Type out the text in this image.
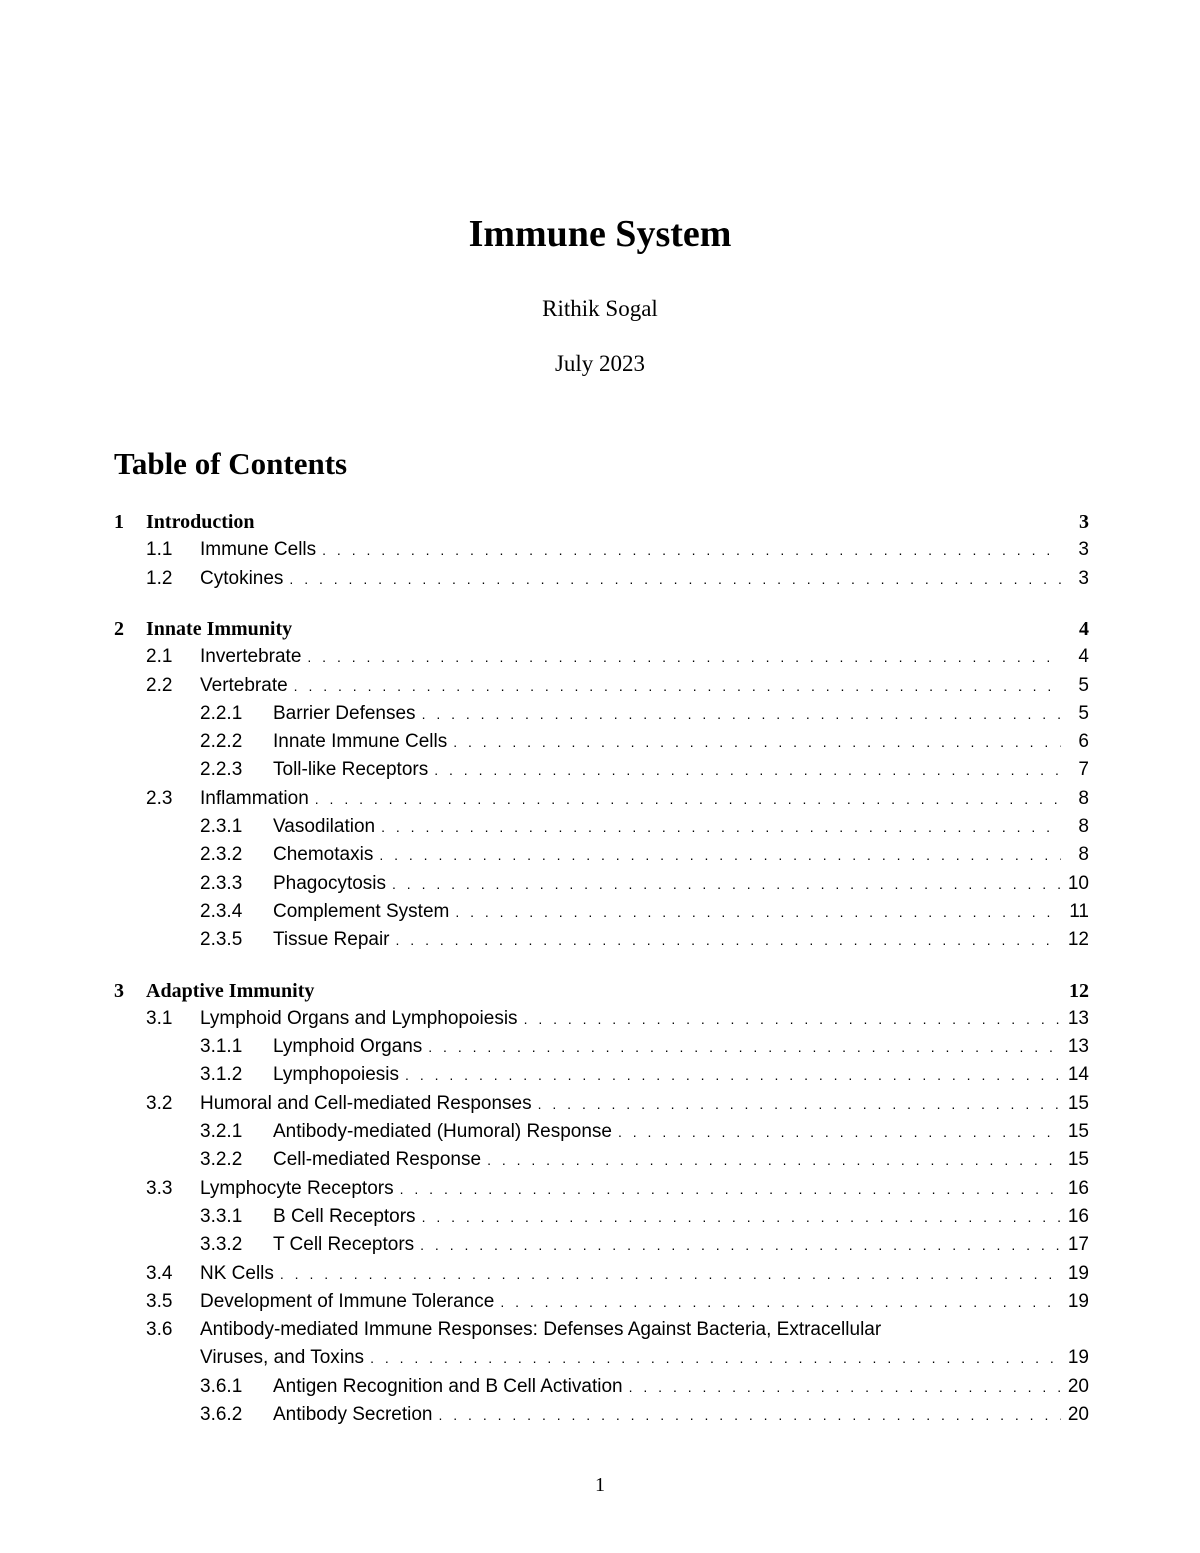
Immune System
Rithik Sogal
July 2023
Table of Contents
1	Introduction	3
1.1	Immune Cells . . .	3
1.2	Cytokines . . .	3
2	Innate Immunity	4
2.1	Invertebrate . . .	4
2.2	Vertebrate . . .	5
2.2.1	Barrier Defenses . . .	5
2.2.2	Innate Immune Cells . . .	6
2.2.3	Toll-like Receptors . . .	7
2.3	Inflammation . . .	8
2.3.1	Vasodilation . . .	8
2.3.2	Chemotaxis . . .	8
2.3.3	Phagocytosis . . .	10
2.3.4	Complement System . . .	11
2.3.5	Tissue Repair . . .	12
3	Adaptive Immunity	12
3.1	Lymphoid Organs and Lymphopoiesis . . .	13
3.1.1	Lymphoid Organs . . .	13
3.1.2	Lymphopoiesis . . .	14
3.2	Humoral and Cell-mediated Responses . . .	15
3.2.1	Antibody-mediated (Humoral) Response . . .	15
3.2.2	Cell-mediated Response . . .	15
3.3	Lymphocyte Receptors . . .	16
3.3.1	B Cell Receptors . . .	16
3.3.2	T Cell Receptors . . .	17
3.4	NK Cells . . .	19
3.5	Development of Immune Tolerance . . .	19
3.6	Antibody-mediated Immune Responses: Defenses Against Bacteria, Extracellular
Viruses, and Toxins . . .	19
3.6.1	Antigen Recognition and B Cell Activation . . .	20
3.6.2	Antibody Secretion . . .	20
1
